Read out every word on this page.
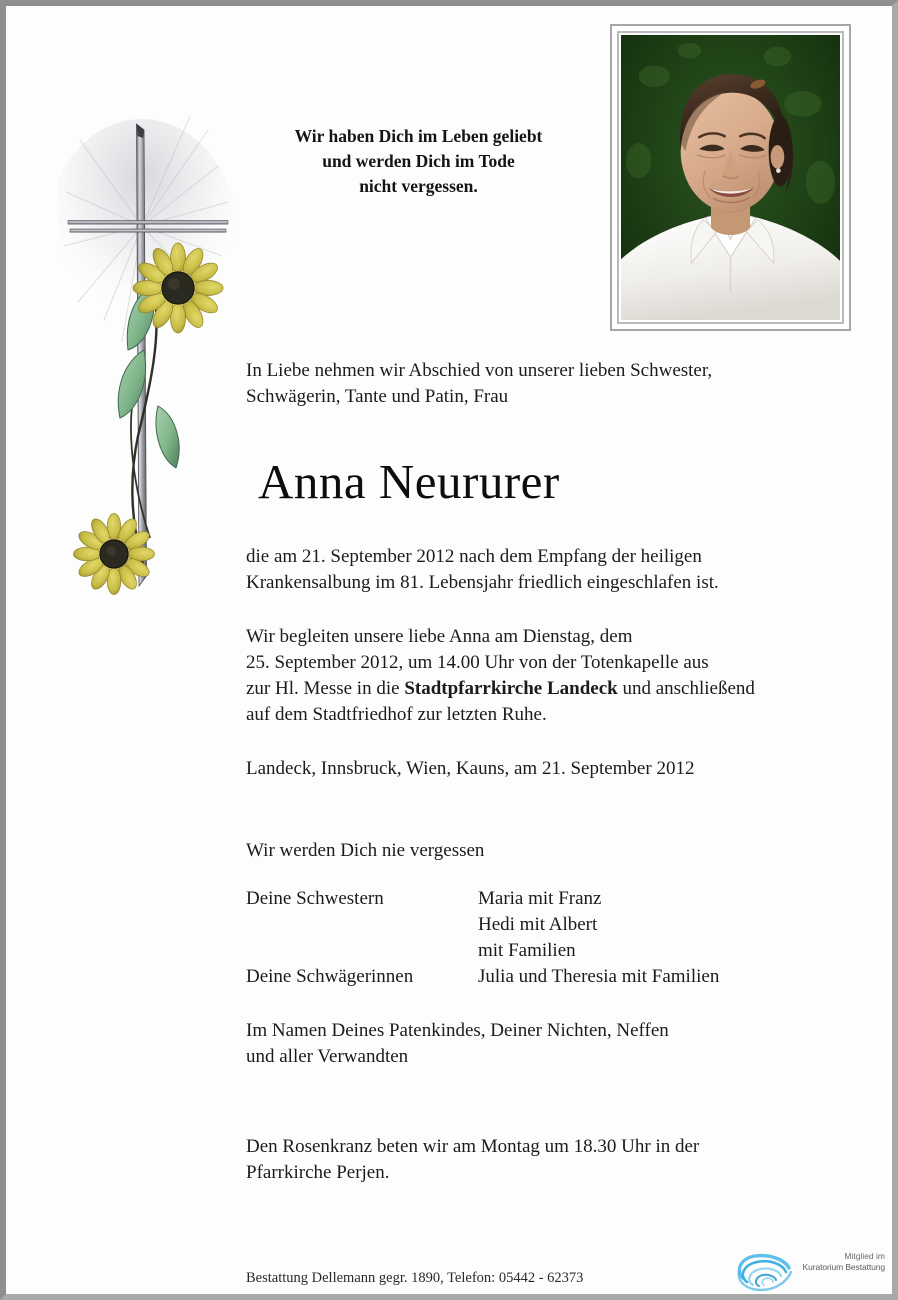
Wir haben Dich im Leben geliebt
und werden Dich im Tode
nicht vergessen.

In Liebe nehmen wir Abschied von unserer lieben Schwester,
Schwägerin, Tante und Patin, Frau

Anna Neururer

die am 21. September 2012 nach dem Empfang der heiligen
Krankensalbung im 81. Lebensjahr friedlich eingeschlafen ist.

Wir begleiten unsere liebe Anna am Dienstag, dem
25. September 2012, um 14.00 Uhr von der Totenkapelle aus
zur Hl. Messe in die Stadtpfarrkirche Landeck und anschließend
auf dem Stadtfriedhof zur letzten Ruhe.

Landeck, Innsbruck, Wien, Kauns, am 21. September 2012

Wir werden Dich nie vergessen

Deine Schwestern	Maria mit Franz
	Hedi mit Albert
	mit Familien
Deine Schwägerinnen	Julia und Theresia mit Familien

Im Namen Deines Patenkindes, Deiner Nichten, Neffen
und aller Verwandten

Den Rosenkranz beten wir am Montag um 18.30 Uhr in der
Pfarrkirche Perjen.

Bestattung Dellemann gegr. 1890, Telefon: 05442 - 62373
Mitglied im
Kuratorium Bestattung
